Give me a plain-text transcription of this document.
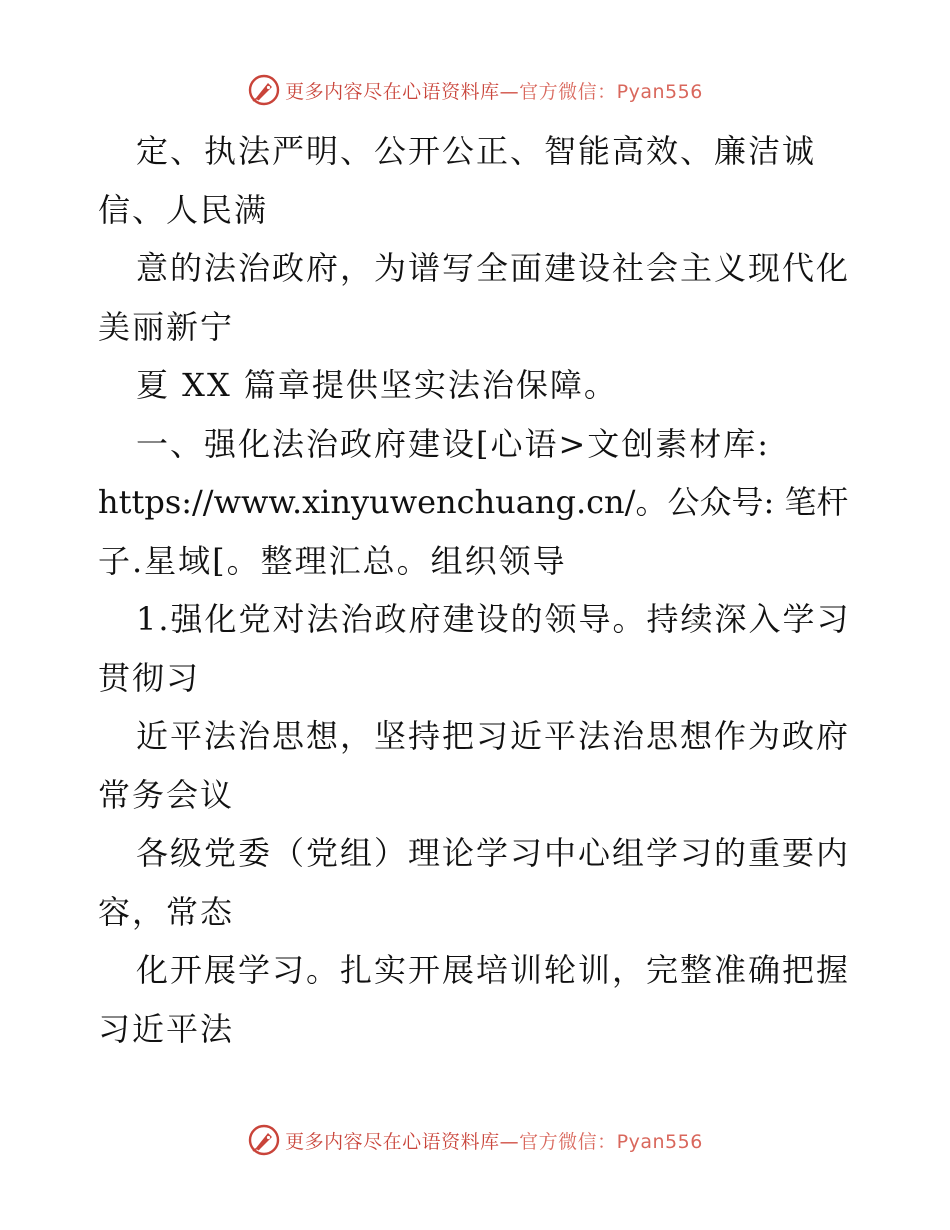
更多内容尽在心语资料库—官方微信：Pyan556
定、执法严明、公开公正、智能高效、廉洁诚
信、人民满
意的法治政府，为谱写全面建设社会主义现代化
美丽新宁
夏 XX 篇章提供坚实法治保障。
一、强化法治政府建设[心语>文创素材库:
https://www.xinyuwenchuang.cn/。公众号: 笔杆
子.星域[。整理汇总。组织领导
1.强化党对法治政府建设的领导。持续深入学习
贯彻习
近平法治思想，坚持把习近平法治思想作为政府
常务会议
各级党委（党组）理论学习中心组学习的重要内
容，常态
化开展学习。扎实开展培训轮训，完整准确把握
习近平法
更多内容尽在心语资料库—官方微信：Pyan556
